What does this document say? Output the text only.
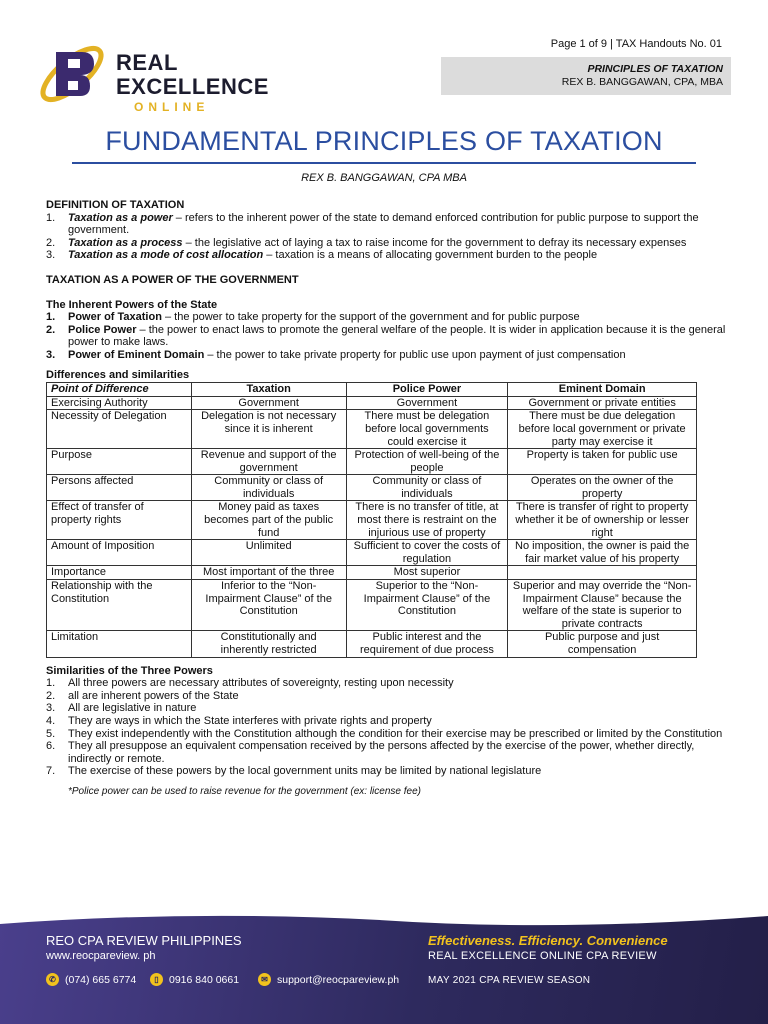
REAL
EXCELLENCE
ONLINE
Page 1 of 9 | TAX Handouts No. 01
PRINCIPLES OF TAXATION
REX B. BANGGAWAN, CPA, MBA
FUNDAMENTAL PRINCIPLES OF TAXATION
REX B. BANGGAWAN, CPA MBA
DEFINITION OF TAXATION
1. Taxation as a power – refers to the inherent power of the state to demand enforced contribution for public purpose to support the government.
2. Taxation as a process – the legislative act of laying a tax to raise income for the government to defray its necessary expenses
3. Taxation as a mode of cost allocation – taxation is a means of allocating government burden to the people
TAXATION AS A POWER OF THE GOVERNMENT
The Inherent Powers of the State
1. Power of Taxation – the power to take property for the support of the government and for public purpose
2. Police Power – the power to enact laws to promote the general welfare of the people. It is wider in application because it is the general power to make laws.
3. Power of Eminent Domain – the power to take private property for public use upon payment of just compensation
Differences and similarities
Point of Difference	Taxation	Police Power	Eminent Domain
Exercising Authority	Government	Government	Government or private entities
Necessity of Delegation	Delegation is not necessary since it is inherent	There must be delegation before local governments could exercise it	There must be due delegation before local government or private party may exercise it
Purpose	Revenue and support of the government	Protection of well-being of the people	Property is taken for public use
Persons affected	Community or class of individuals	Community or class of individuals	Operates on the owner of the property
Effect of transfer of property rights	Money paid as taxes becomes part of the public fund	There is no transfer of title, at most there is restraint on the injurious use of property	There is transfer of right to property whether it be of ownership or lesser right
Amount of Imposition	Unlimited	Sufficient to cover the costs of regulation	No imposition, the owner is paid the fair market value of his property
Importance	Most important of the three	Most superior	
Relationship with the Constitution	Inferior to the “Non-Impairment Clause” of the Constitution	Superior to the “Non-Impairment Clause” of the Constitution	Superior and may override the “Non-Impairment Clause” because the welfare of the state is superior to private contracts
Limitation	Constitutionally and inherently restricted	Public interest and the requirement of due process	Public purpose and just compensation
Similarities of the Three Powers
1. All three powers are necessary attributes of sovereignty, resting upon necessity
2. all are inherent powers of the State
3. All are legislative in nature
4. They are ways in which the State interferes with private rights and property
5. They exist independently with the Constitution although the condition for their exercise may be prescribed or limited by the Constitution
6. They all presuppose an equivalent compensation received by the persons affected by the exercise of the power, whether directly, indirectly or remote.
7. The exercise of these powers by the local government units may be limited by national legislature
*Police power can be used to raise revenue for the government (ex: license fee)
REO CPA REVIEW PHILIPPINES
www.reocpareview. ph
Effectiveness. Efficiency. Convenience
REAL EXCELLENCE ONLINE CPA REVIEW
✆ (074) 665 6774	▯ 0916 840 0661	✉ support@reocpareview.ph	MAY 2021 CPA REVIEW SEASON
